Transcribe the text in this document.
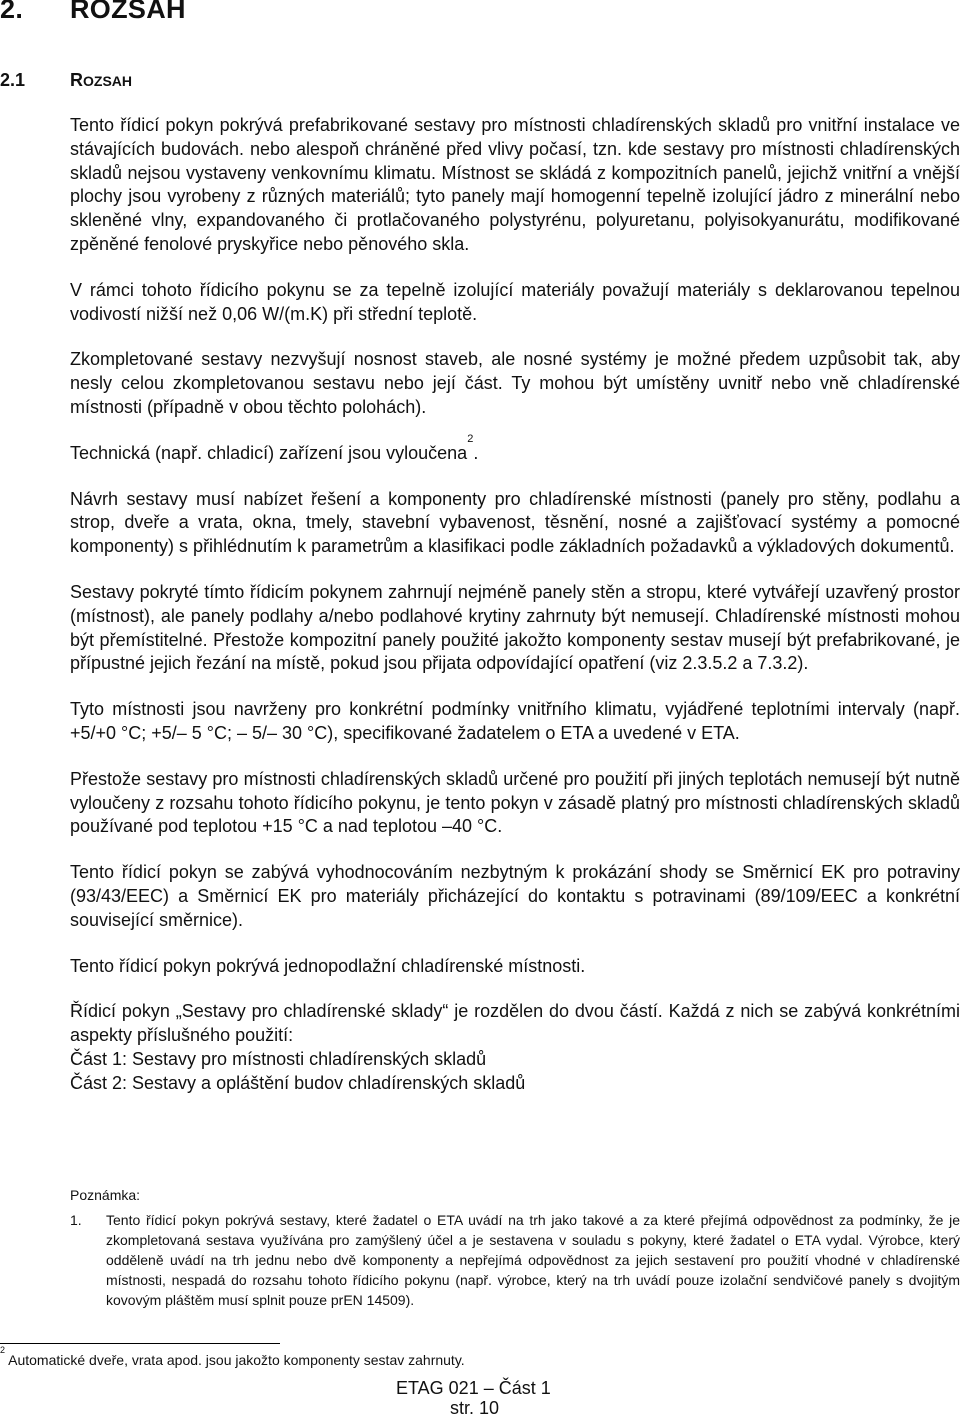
2. ROZSAH
2.1 ROZSAH

Tento řídicí pokyn pokrývá prefabrikované sestavy pro místnosti chladírenských skladů pro vnitřní instalace ve stávajících budovách. nebo alespoň chráněné před vlivy počasí, tzn. kde sestavy pro místnosti chladírenských skladů nejsou vystaveny venkovnímu klimatu. Místnost se skládá z kompozitních panelů, jejichž vnitřní a vnější plochy jsou vyrobeny z různých materiálů; tyto panely mají homogenní tepelně izolující jádro z minerální nebo skleněné vlny, expandovaného či protlačovaného polystyrénu, polyuretanu, polyisokyanurátu, modifikované zpěněné fenolové pryskyřice nebo pěnového skla.

V rámci tohoto řídicího pokynu se za tepelně izolující materiály považují materiály s deklarovanou tepelnou vodivostí nižší než 0,06 W/(m.K) při střední teplotě.

Zkompletované sestavy nezvyšují nosnost staveb, ale nosné systémy je možné předem uzpůsobit tak, aby nesly celou zkompletovanou sestavu nebo její část. Ty mohou být umístěny uvnitř nebo vně chladírenské místnosti (případně v obou těchto polohách).

Technická (např. chladicí) zařízení jsou vyloučena$^2$.

Návrh sestavy musí nabízet řešení a komponenty pro chladírenské místnosti (panely pro stěny, podlahu a strop, dveře a vrata, okna, tmely, stavební vybavenost, těsnění, nosné a zajišťovací systémy a pomocné komponenty) s přihlédnutím k parametrům a klasifikaci podle základních požadavků a výkladových dokumentů.

Sestavy pokryté tímto řídicím pokynem zahrnují nejméně panely stěn a stropu, které vytvářejí uzavřený prostor (místnost), ale panely podlahy a/nebo podlahové krytiny zahrnuty být nemusejí. Chladírenské místnosti mohou být přemístitelné. Přestože kompozitní panely použité jakožto komponenty sestav musejí být prefabrikované, je přípustné jejich řezání na místě, pokud jsou přijata odpovídající opatření (viz 2.3.5.2 a 7.3.2).

Tyto místnosti jsou navrženy pro konkrétní podmínky vnitřního klimatu, vyjádřené teplotními intervaly (např. +5/+0 °C; +5/– 5 °C; – 5/– 30 °C), specifikované žadatelem o ETA a uvedené v ETA.

Přestože sestavy pro místnosti chladírenských skladů určené pro použití při jiných teplotách nemusejí být nutně vyloučeny z rozsahu tohoto řídicího pokynu, je tento pokyn v zásadě platný pro místnosti chladírenských skladů používané pod teplotou +15 °C a nad teplotou –40 °C.

Tento řídicí pokyn se zabývá vyhodnocováním nezbytným k prokázání shody se Směrnicí EK pro potraviny (93/43/EEC) a Směrnicí EK pro materiály přicházející do kontaktu s potravinami (89/109/EEC a konkrétní související směrnice).

Tento řídicí pokyn pokrývá jednopodlažní chladírenské místnosti.

Řídicí pokyn „Sestavy pro chladírenské sklady“ je rozdělen do dvou částí. Každá z nich se zabývá konkrétními aspekty příslušného použití:

Část 1: Sestavy pro místnosti chladírenských skladů

Část 2: Sestavy a opláštění budov chladírenských skladů

Poznámka:
1.	Tento řídicí pokyn pokrývá sestavy, které žadatel o ETA uvádí na trh jako takové a za které přejímá odpovědnost za podmínky, že je zkompletovaná sestava využívána pro zamýšlený účel a je sestavena v souladu s pokyny, které žadatel o ETA vydal. Výrobce, který odděleně uvádí na trh jednu nebo dvě komponenty a nepřejímá odpovědnost za jejich sestavení pro použití vhodné v chladírenské místnosti, nespadá do rozsahu tohoto řídicího pokynu (např. výrobce, který na trh uvádí pouze izolační sendvičové panely s dvojitým kovovým pláštěm musí splnit pouze prEN 14509).
$^2$ Automatické dveře, vrata apod. jsou jakožto komponenty sestav zahrnuty.
ETAG 021 – Část 1
str. 10
